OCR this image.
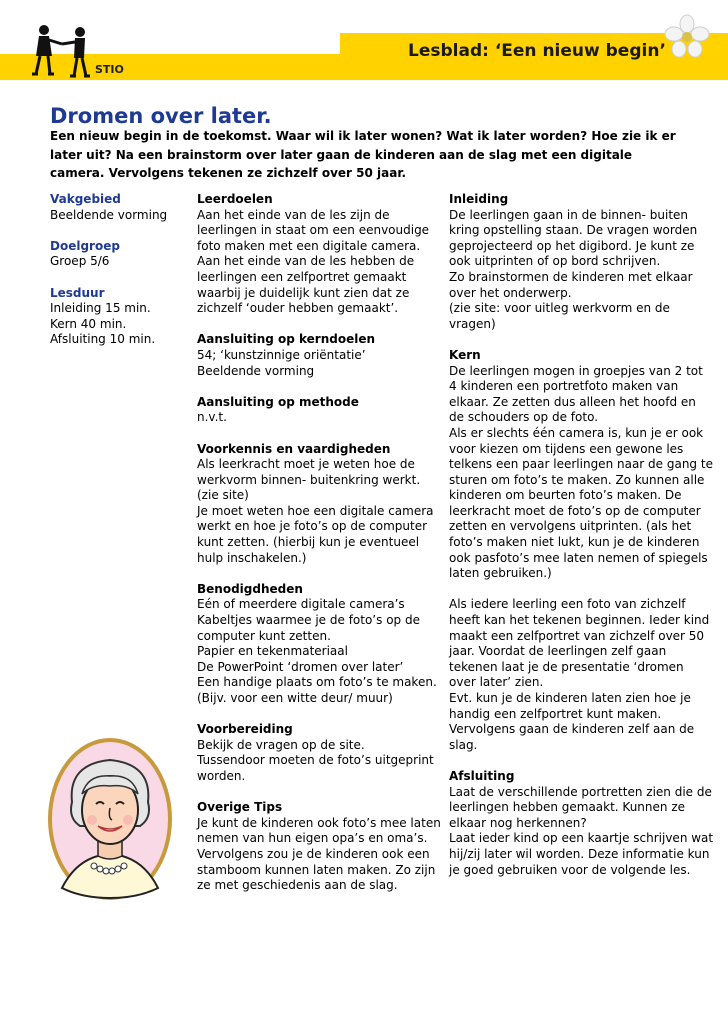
STIO
Lesblad: ‘Een nieuw begin’
Dromen over later.
Een nieuw begin in de toekomst. Waar wil ik later wonen? Wat ik later worden? Hoe zie ik er later uit? Na een brainstorm over later gaan de kinderen aan de slag met een digitale camera. Vervolgens tekenen ze zichzelf over 50 jaar.

Vakgebied

Beeldende vorming

Doelgroep

Groep 5/6

Lesduur

Inleiding 15 min.

Kern 40 min.

Afsluiting 10 min.

Leerdoelen

Aan het einde van de les zijn de leerlingen in staat om een eenvoudige foto maken met een digitale camera.

Aan het einde van de les hebben de leerlingen een zelfportret gemaakt waarbij je duidelijk kunt zien dat ze zichzelf ‘ouder hebben gemaakt’.

Aansluiting op kerndoelen

54; ‘kunstzinnige oriëntatie’

Beeldende vorming

Aansluiting op methode

n.v.t.

Voorkennis en vaardigheden

Als leerkracht moet je weten hoe de werkvorm binnen- buitenkring werkt. (zie site)

Je moet weten hoe een digitale camera werkt en hoe je foto’s op de computer kunt zetten. (hierbij kun je eventueel hulp inschakelen.)

Benodigdheden

Eén of meerdere digitale camera’s

Kabeltjes waarmee je de foto’s op de computer kunt zetten.

Papier en tekenmateriaal

De PowerPoint ‘dromen over later’

Een handige plaats om foto’s te maken. (Bijv. voor een witte deur/ muur)

Voorbereiding

Bekijk de vragen op de site.

Tussendoor moeten de foto’s uitgeprint worden.

Overige Tips

Je kunt de kinderen ook foto’s mee laten nemen van hun eigen opa’s en oma’s.

Vervolgens zou je de kinderen ook een stamboom kunnen laten maken. Zo zijn ze met geschiedenis aan de slag.

Inleiding

De leerlingen gaan in de binnen- buiten kring opstelling staan. De vragen worden geprojecteerd op het digibord. Je kunt ze ook uitprinten of op bord schrijven.

Zo brainstormen de kinderen met elkaar over het onderwerp.

(zie site: voor uitleg werkvorm en de vragen)

Kern

De leerlingen mogen in groepjes van 2 tot 4 kinderen een portretfoto maken van elkaar. Ze zetten dus alleen het hoofd en de schouders op de foto.

Als er slechts één camera is, kun je er ook voor kiezen om tijdens een gewone les telkens een paar leerlingen naar de gang te sturen om foto’s te maken. Zo kunnen alle kinderen om beurten foto’s maken. De leerkracht moet de foto’s op de computer zetten en vervolgens uitprinten. (als het foto’s maken niet lukt, kun je de kinderen ook pasfoto’s mee laten nemen of spiegels laten gebruiken.)

Als iedere leerling een foto van zichzelf heeft kan het tekenen beginnen. Ieder kind maakt een zelfportret van zichzelf over 50 jaar. Voordat de leerlingen zelf gaan tekenen laat je de presentatie ‘dromen over later’ zien.

Evt. kun je de kinderen laten zien hoe je handig een zelfportret kunt maken.

Vervolgens gaan de kinderen zelf aan de slag.

Afsluiting

Laat de verschillende portretten zien die de leerlingen hebben gemaakt. Kunnen ze elkaar nog herkennen?

Laat ieder kind op een kaartje schrijven wat hij/zij later wil worden. Deze informatie kun je goed gebruiken voor de volgende les.
